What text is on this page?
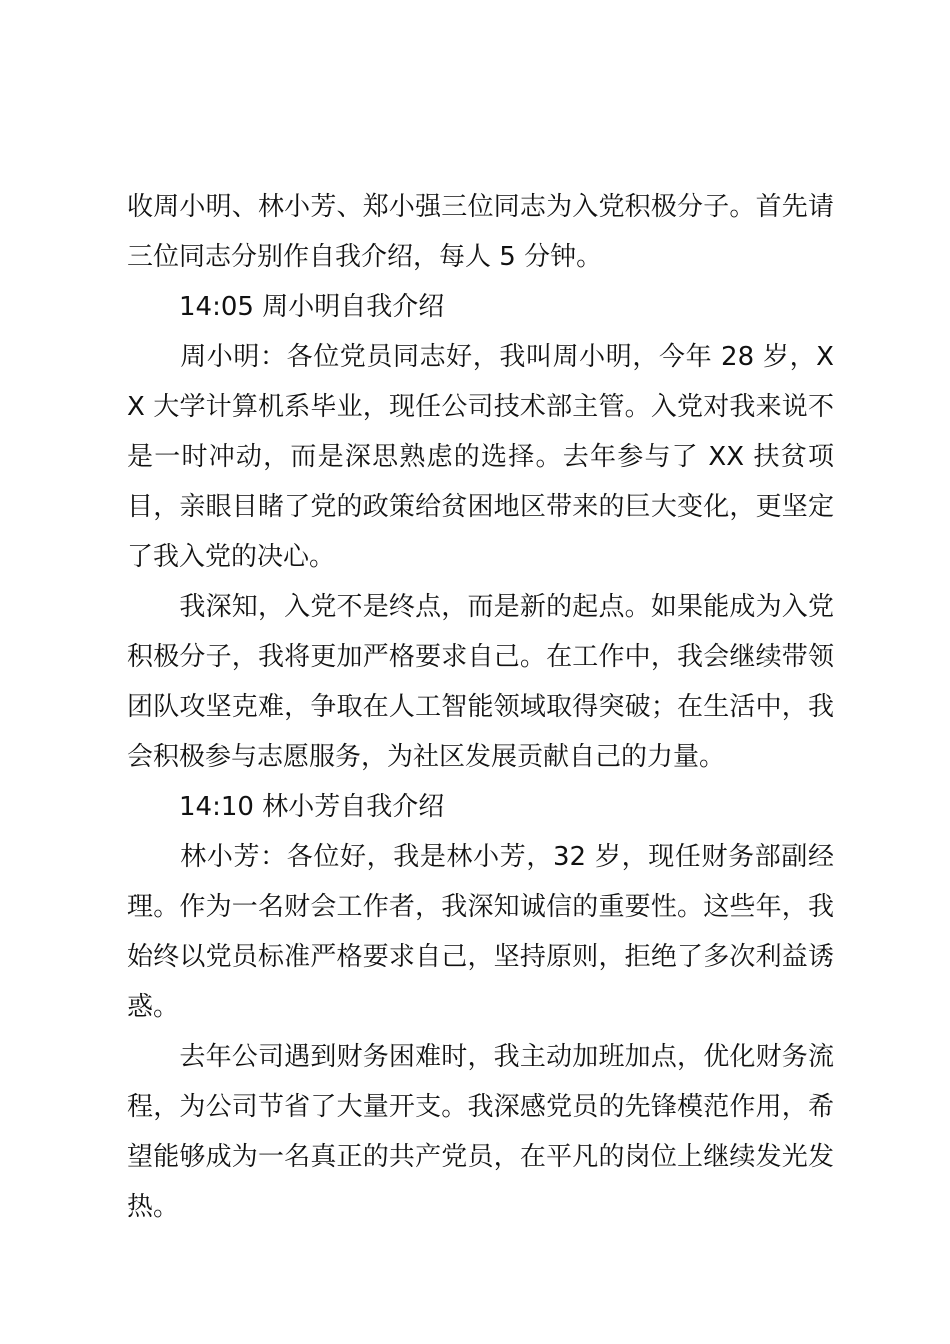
收周小明、林小芳、郑小强三位同志为入党积极分子。首先请三位同志分别作自我介绍，每人 5 分钟。

　　14:05 周小明自我介绍

　　周小明：各位党员同志好，我叫周小明，今年 28 岁，XX 大学计算机系毕业，现任公司技术部主管。入党对我来说不是一时冲动，而是深思熟虑的选择。去年参与了 XX 扶贫项目，亲眼目睹了党的政策给贫困地区带来的巨大变化，更坚定了我入党的决心。

　　我深知，入党不是终点，而是新的起点。如果能成为入党积极分子，我将更加严格要求自己。在工作中，我会继续带领团队攻坚克难，争取在人工智能领域取得突破；在生活中，我会积极参与志愿服务，为社区发展贡献自己的力量。

　　14:10 林小芳自我介绍

　　林小芳：各位好，我是林小芳，32 岁，现任财务部副经理。作为一名财会工作者，我深知诚信的重要性。这些年，我始终以党员标准严格要求自己，坚持原则，拒绝了多次利益诱惑。

　　去年公司遇到财务困难时，我主动加班加点，优化财务流程，为公司节省了大量开支。我深感党员的先锋模范作用，希望能够成为一名真正的共产党员，在平凡的岗位上继续发光发热。
